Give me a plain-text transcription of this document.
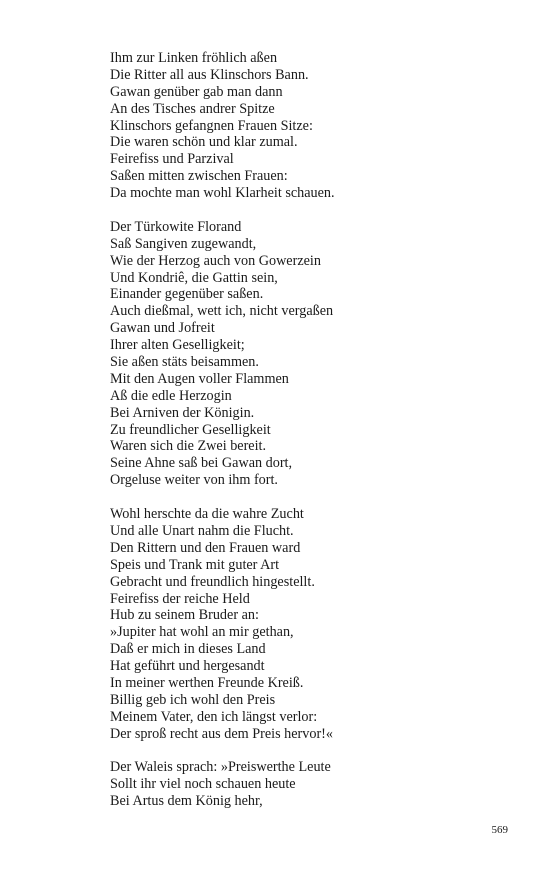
Ihm zur Linken fröhlich aßen
Die Ritter all aus Klinschors Bann.
Gawan genüber gab man dann
An des Tisches andrer Spitze
Klinschors gefangnen Frauen Sitze:
Die waren schön und klar zumal.
Feirefiss und Parzival
Saßen mitten zwischen Frauen:
Da mochte man wohl Klarheit schauen.
Der Türkowite Florand
Saß Sangiven zugewandt,
Wie der Herzog auch von Gowerzein
Und Kondriê, die Gattin sein,
Einander gegenüber saßen.
Auch dießmal, wett ich, nicht vergaßen
Gawan und Jofreit
Ihrer alten Geselligkeit;
Sie aßen stäts beisammen.
Mit den Augen voller Flammen
Aß die edle Herzogin
Bei Arniven der Königin.
Zu freundlicher Geselligkeit
Waren sich die Zwei bereit.
Seine Ahne saß bei Gawan dort,
Orgeluse weiter von ihm fort.
Wohl herschte da die wahre Zucht
Und alle Unart nahm die Flucht.
Den Rittern und den Frauen ward
Speis und Trank mit guter Art
Gebracht und freundlich hingestellt.
Feirefiss der reiche Held
Hub zu seinem Bruder an:
»Jupiter hat wohl an mir gethan,
Daß er mich in dieses Land
Hat geführt und hergesandt
In meiner werthen Freunde Kreiß.
Billig geb ich wohl den Preis
Meinem Vater, den ich längst verlor:
Der sproß recht aus dem Preis hervor!«
Der Waleis sprach: »Preiswerthe Leute
Sollt ihr viel noch schauen heute
Bei Artus dem König hehr,
569
